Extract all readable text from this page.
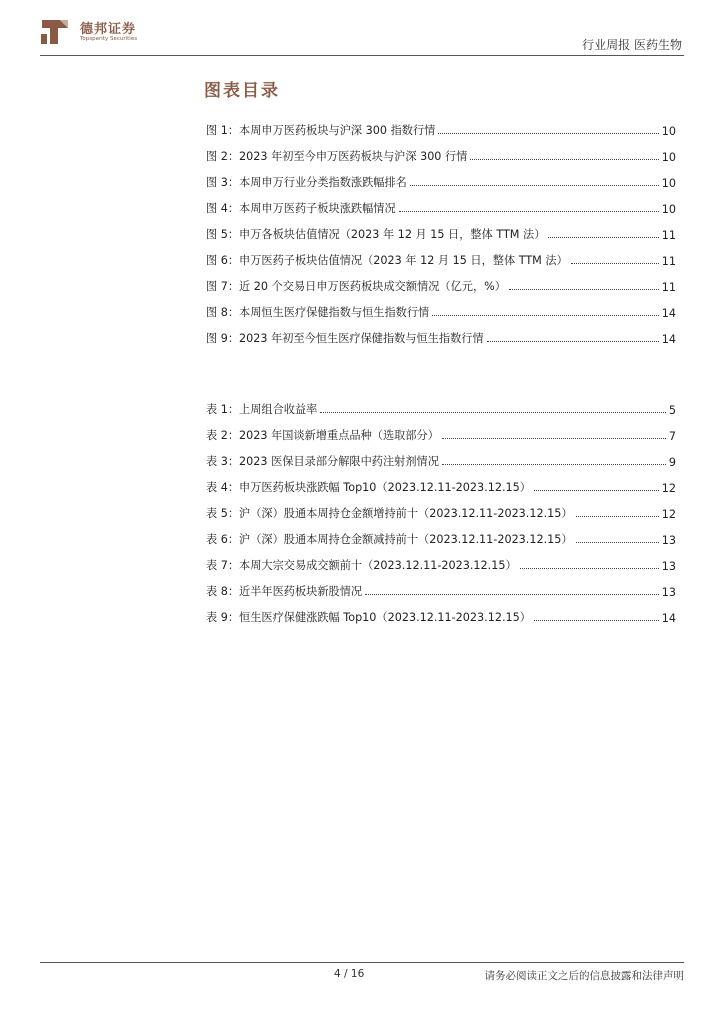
德邦证券
Topsperity Securities	行业周报 医药生物
图表目录
图 1：本周申万医药板块与沪深 300 指数行情	10
图 2：2023 年初至今申万医药板块与沪深 300 行情	10
图 3：本周申万行业分类指数涨跌幅排名	10
图 4：本周申万医药子板块涨跌幅情况	10
图 5：申万各板块估值情况（2023 年 12 月 15 日，整体 TTM 法）	11
图 6：申万医药子板块估值情况（2023 年 12 月 15 日，整体 TTM 法）	11
图 7：近 20 个交易日申万医药板块成交额情况（亿元，%）	11
图 8：本周恒生医疗保健指数与恒生指数行情	14
图 9：2023 年初至今恒生医疗保健指数与恒生指数行情	14
表 1：上周组合收益率	5
表 2：2023 年国谈新增重点品种（选取部分）	7
表 3：2023 医保目录部分解限中药注射剂情况	9
表 4：申万医药板块涨跌幅 Top10（2023.12.11-2023.12.15）	12
表 5：沪（深）股通本周持仓金额增持前十（2023.12.11-2023.12.15）	12
表 6：沪（深）股通本周持仓金额减持前十（2023.12.11-2023.12.15）	13
表 7：本周大宗交易成交额前十（2023.12.11-2023.12.15）	13
表 8：近半年医药板块新股情况	13
表 9：恒生医疗保健涨跌幅 Top10（2023.12.11-2023.12.15）	14
4 / 16	请务必阅读正文之后的信息披露和法律声明
